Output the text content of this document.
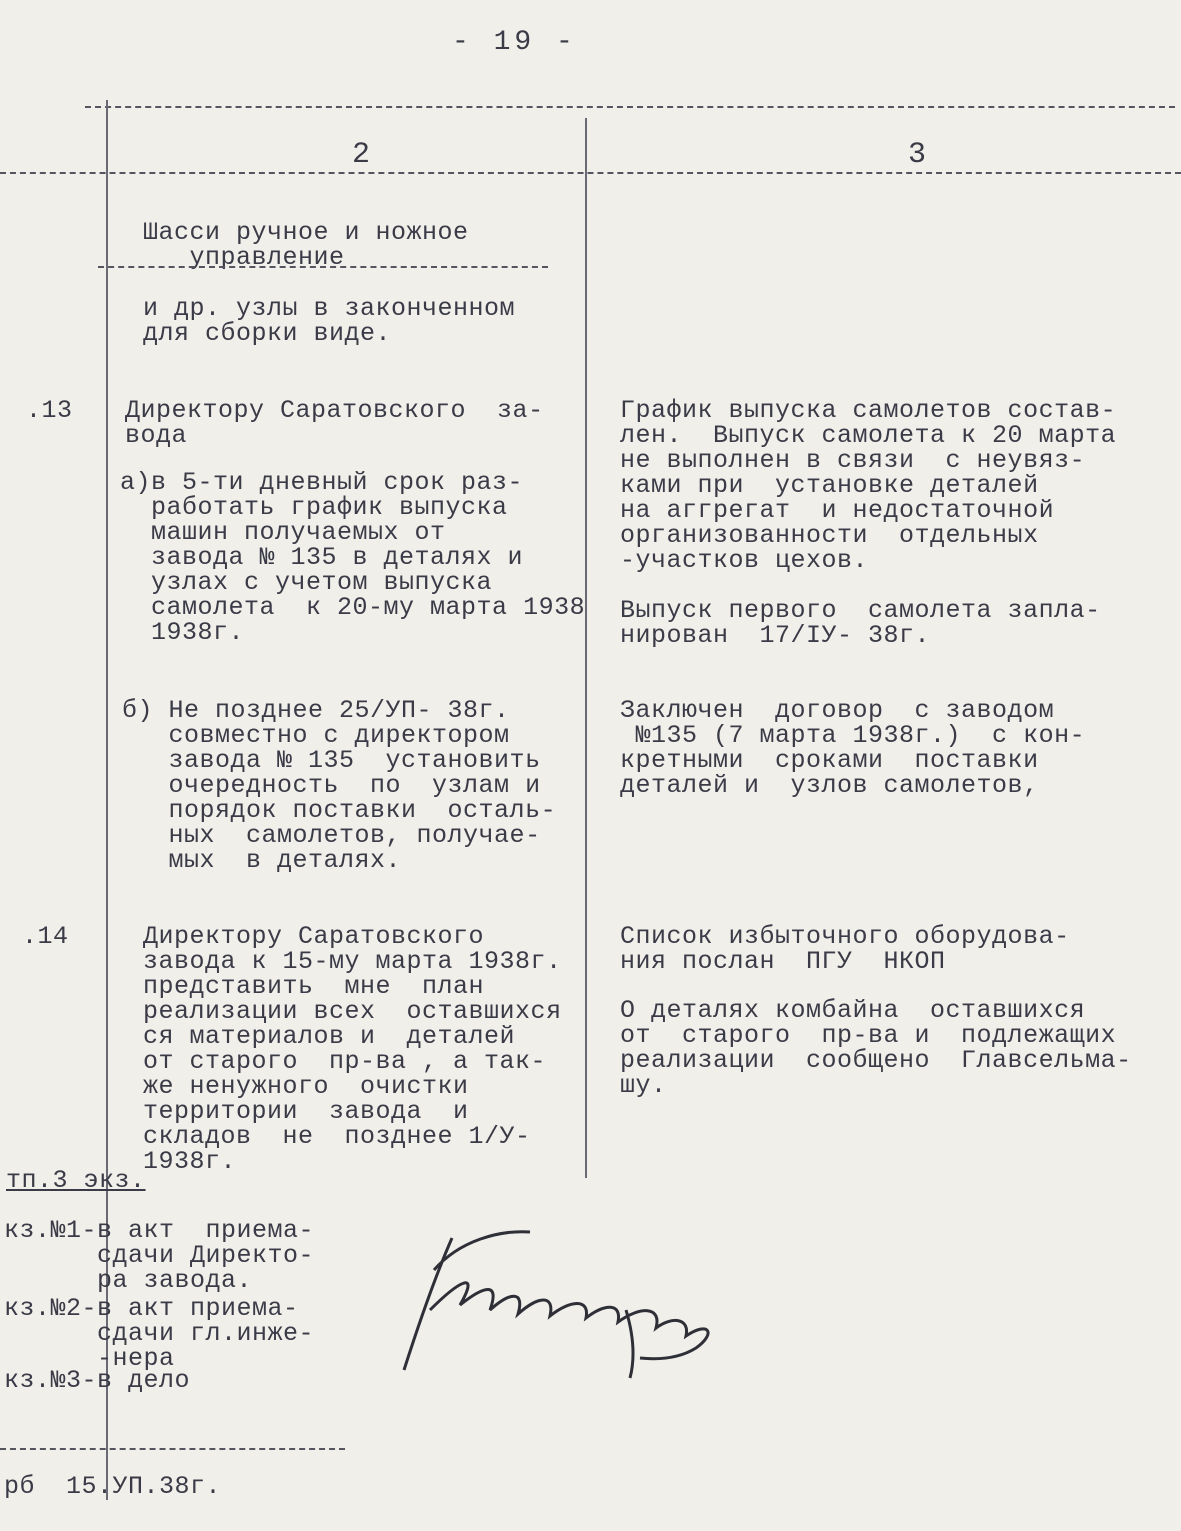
- 19 -
2	3
Шасси ручное и ножное
управление
и др. узлы в законченном
для сборки виде.
.13 Директору Саратовского  за-
вода
а)в 5-ти дневный срок раз-
работать график выпуска
машин получаемых от
завода № 135 в деталях и
узлах с учетом выпуска
самолета  к 20-му марта 1938
1938г.
График выпуска самолетов состав-
лен.  Выпуск самолета к 20 марта
не выполнен в связи  с неувяз-
ками при  установке деталей
на аггрегат  и недостаточной
организованности  отдельных
-участков цехов.
Выпуск первого  самолета запла-
нирован  17/IУ- 38г.
б) Не позднее 25/УП- 38г.
совместно с директором
завода № 135  установить
очередность  по  узлам и
порядок поставки  осталь-
ных  самолетов, получае-
мых  в деталях.
Заключен  договор  с заводом
№135 (7 марта 1938г.)  с кон-
кретными  сроками  поставки
деталей и  узлов самолетов,
.14	Директору Саратовского
завода к 15-му марта 1938г.
представить  мне  план
реализации всех  оставшихся
ся материалов и  деталей
от старого  пр-ва , а так-
же ненужного  очистки
территории  завода  и
складов  не  позднее 1/У-
1938г.
Список избыточного оборудова-
ния послан  ПГУ  НКОП
О деталях комбайна  оставшихся
от  старого  пр-ва и  подлежащих
реализации  сообщено  Главсельма-
шу.
тп.3 экз.
кз.№1-в акт  приема-
сдачи Директо-
ра завода.
кз.№2-в акт приема-
сдачи гл.инже-
-нера
кз.№3-в дело
рб  15.УП.38г.
